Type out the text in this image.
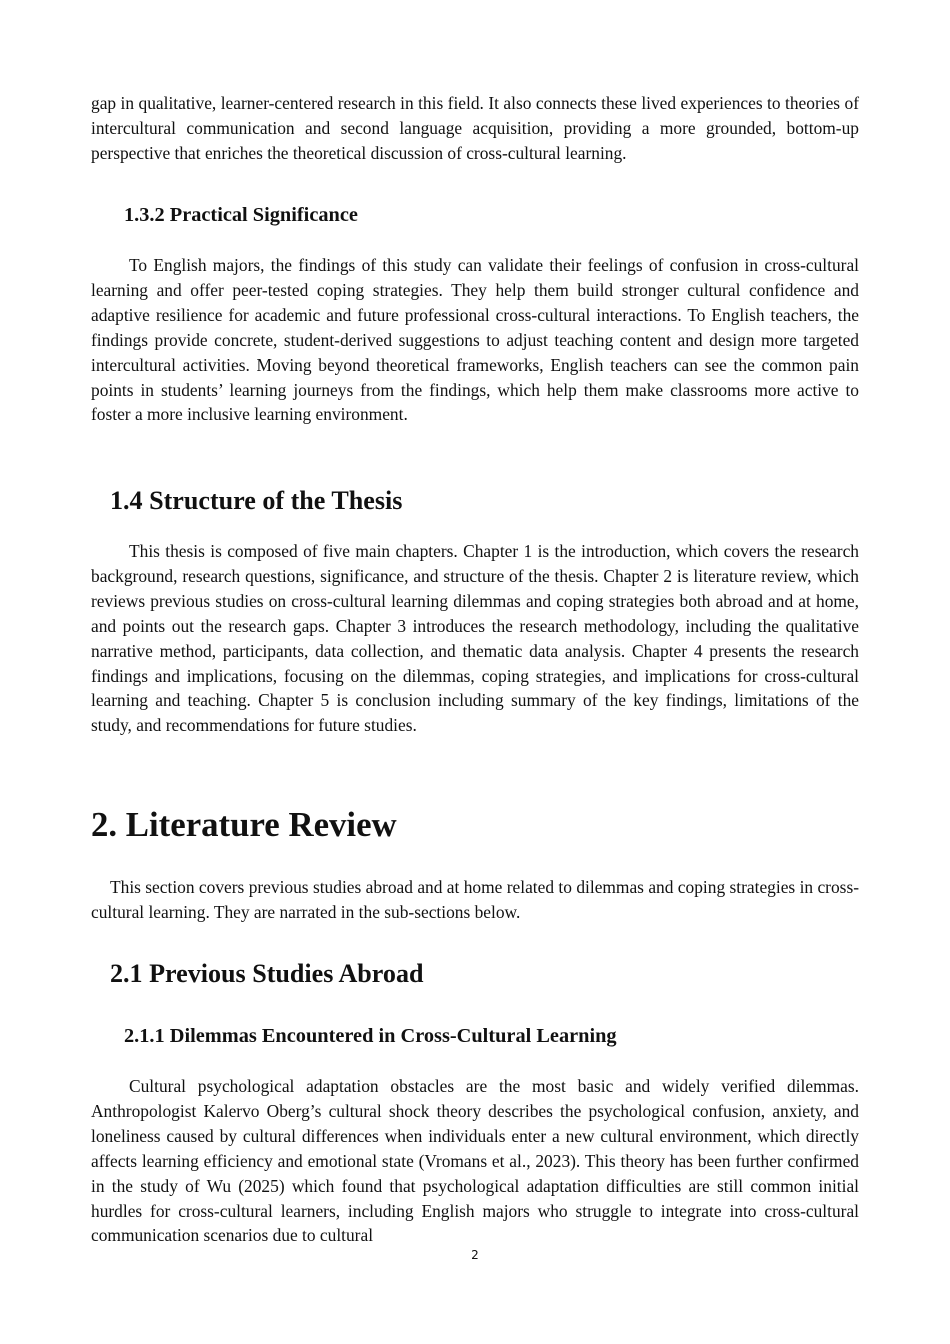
gap in qualitative, learner-centered research in this field. It also connects these lived experiences to theories of intercultural communication and second language acquisition, providing a more grounded, bottom-up perspective that enriches the theoretical discussion of cross-cultural learning.

1.3.2 Practical Significance

To English majors, the findings of this study can validate their feelings of confusion in cross-cultural learning and offer peer-tested coping strategies. They help them build stronger cultural confidence and adaptive resilience for academic and future professional cross-cultural interactions. To English teachers, the findings provide concrete, student-derived suggestions to adjust teaching content and design more targeted intercultural activities. Moving beyond theoretical frameworks, English teachers can see the common pain points in students’ learning journeys from the findings, which help them make classrooms more active to foster a more inclusive learning environment.

1.4 Structure of the Thesis

This thesis is composed of five main chapters. Chapter 1 is the introduction, which covers the research background, research questions, significance, and structure of the thesis. Chapter 2 is literature review, which reviews previous studies on cross-cultural learning dilemmas and coping strategies both abroad and at home, and points out the research gaps. Chapter 3 introduces the research methodology, including the qualitative narrative method, participants, data collection, and thematic data analysis. Chapter 4 presents the research findings and implications, focusing on the dilemmas, coping strategies, and implications for cross-cultural learning and teaching. Chapter 5 is conclusion including summary of the key findings, limitations of the study, and recommendations for future studies.

2. Literature Review

This section covers previous studies abroad and at home related to dilemmas and coping strategies in cross-cultural learning. They are narrated in the sub-sections below.

2.1 Previous Studies Abroad
2.1.1 Dilemmas Encountered in Cross-Cultural Learning

Cultural psychological adaptation obstacles are the most basic and widely verified dilemmas. Anthropologist Kalervo Oberg’s cultural shock theory describes the psychological confusion, anxiety, and loneliness caused by cultural differences when individuals enter a new cultural environment, which directly affects learning efficiency and emotional state (Vromans et al., 2023). This theory has been further confirmed in the study of Wu (2025) which found that psychological adaptation difficulties are still common initial hurdles for cross-cultural learners, including English majors who struggle to integrate into cross-cultural communication scenarios due to cultural

2
